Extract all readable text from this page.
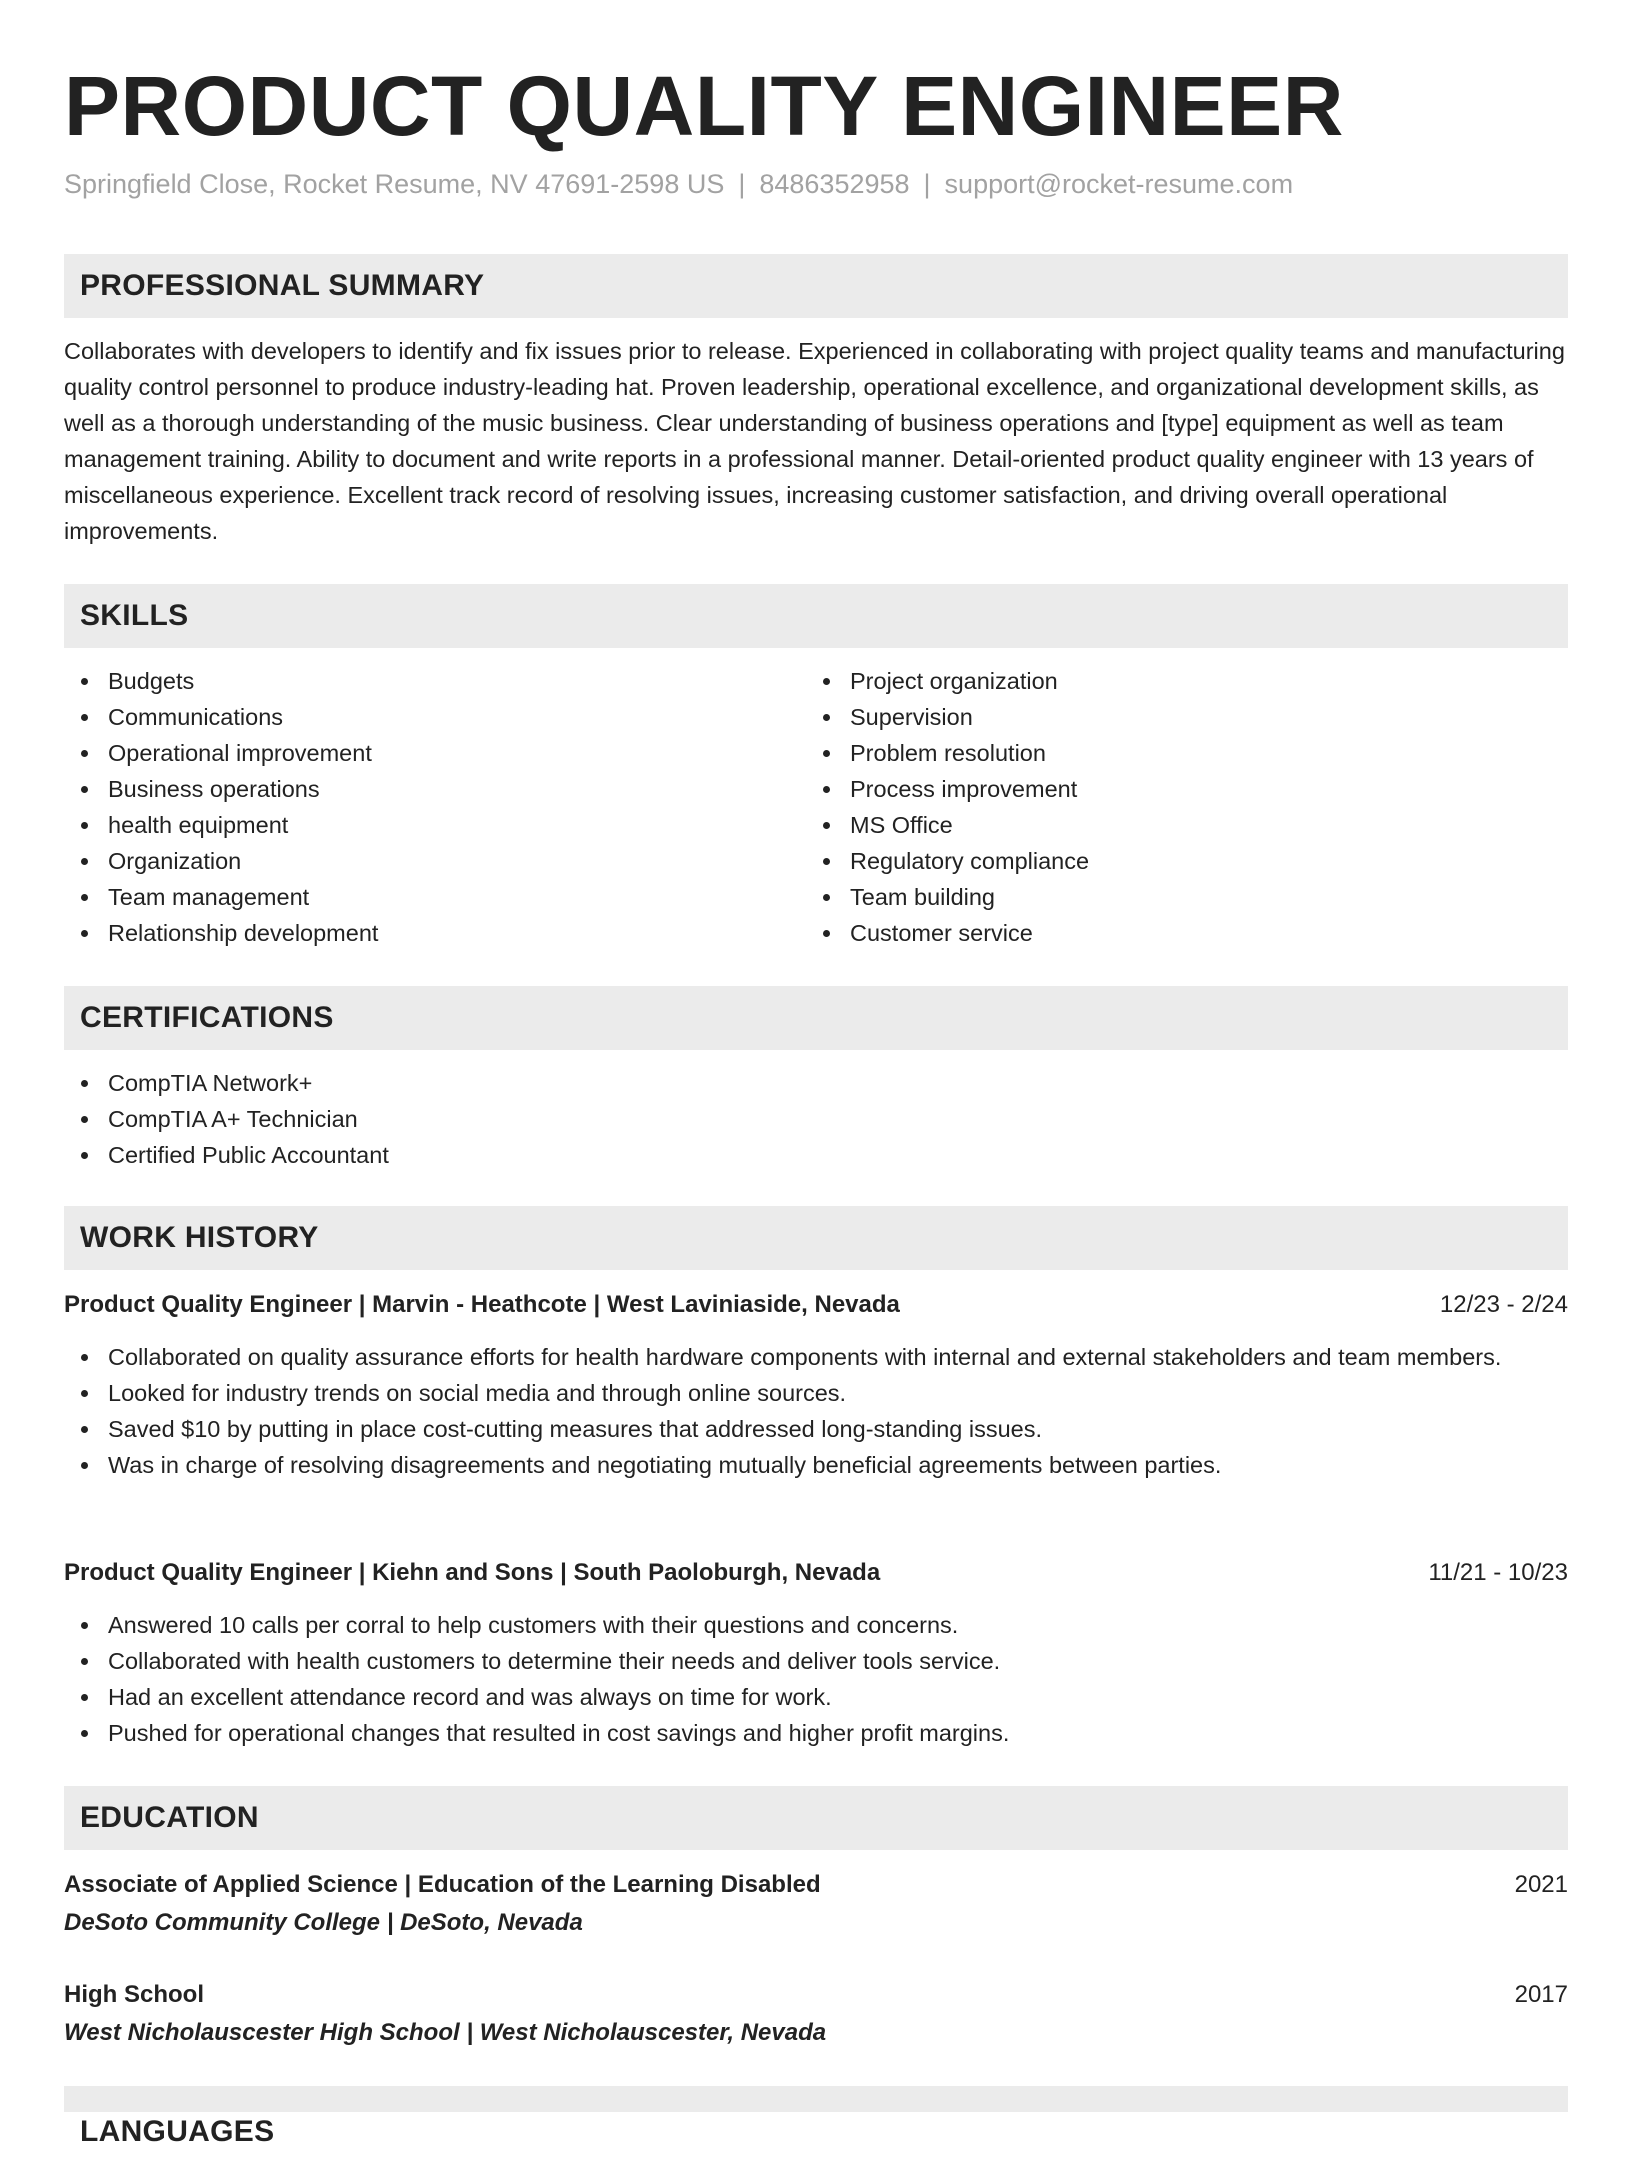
PRODUCT QUALITY ENGINEER
Springfield Close, Rocket Resume, NV 47691-2598 US | 8486352958 | support@rocket-resume.com
PROFESSIONAL SUMMARY
Collaborates with developers to identify and fix issues prior to release. Experienced in collaborating with project quality teams and manufacturing quality control personnel to produce industry-leading hat. Proven leadership, operational excellence, and organizational development skills, as well as a thorough understanding of the music business. Clear understanding of business operations and [type] equipment as well as team management training. Ability to document and write reports in a professional manner. Detail-oriented product quality engineer with 13 years of miscellaneous experience. Excellent track record of resolving issues, increasing customer satisfaction, and driving overall operational improvements.
SKILLS
Budgets
Communications
Operational improvement
Business operations
health equipment
Organization
Team management
Relationship development
Project organization
Supervision
Problem resolution
Process improvement
MS Office
Regulatory compliance
Team building
Customer service
CERTIFICATIONS
CompTIA Network+
CompTIA A+ Technician
Certified Public Accountant
WORK HISTORY
Product Quality Engineer | Marvin - Heathcote | West Laviniaside, Nevada	12/23 - 2/24
Collaborated on quality assurance efforts for health hardware components with internal and external stakeholders and team members.
Looked for industry trends on social media and through online sources.
Saved $10 by putting in place cost-cutting measures that addressed long-standing issues.
Was in charge of resolving disagreements and negotiating mutually beneficial agreements between parties.
Product Quality Engineer | Kiehn and Sons | South Paoloburgh, Nevada	11/21 - 10/23
Answered 10 calls per corral to help customers with their questions and concerns.
Collaborated with health customers to determine their needs and deliver tools service.
Had an excellent attendance record and was always on time for work.
Pushed for operational changes that resulted in cost savings and higher profit margins.
EDUCATION
Associate of Applied Science | Education of the Learning Disabled	2021
DeSoto Community College | DeSoto, Nevada
High School	2017
West Nicholauscester High School | West Nicholauscester, Nevada
LANGUAGES
